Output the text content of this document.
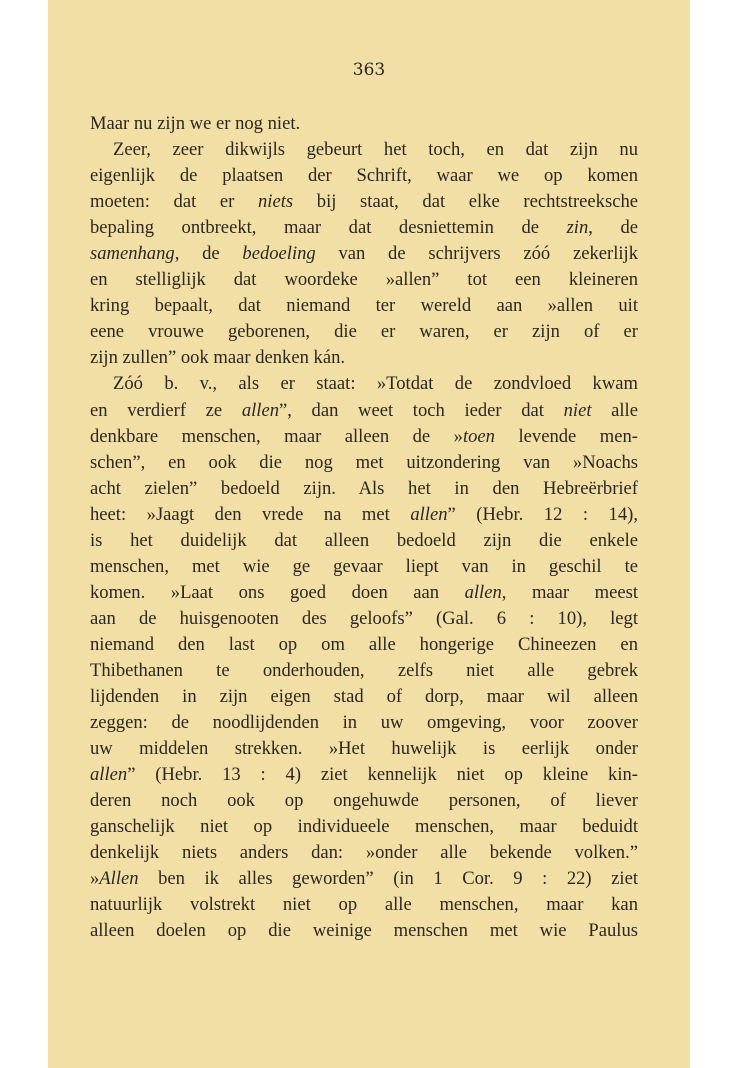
363
Maar nu zijn we er nog niet.
Zeer, zeer dikwijls gebeurt het toch, en dat zijn nu
eigenlijk de plaatsen der Schrift, waar we op komen
moeten: dat er niets bij staat, dat elke rechtstreeksche
bepaling ontbreekt, maar dat desniettemin de zin, de
samenhang, de bedoeling van de schrijvers zóó zekerlijk
en stelliglijk dat woordeke »allen” tot een kleineren
kring bepaalt, dat niemand ter wereld aan »allen uit
eene vrouwe geborenen, die er waren, er zijn of er
zijn zullen” ook maar denken kán.
Zóó b. v., als er staat: »Totdat de zondvloed kwam
en verdierf ze allen”, dan weet toch ieder dat niet alle
denkbare menschen, maar alleen de »toen levende men-
schen”, en ook die nog met uitzondering van »Noachs
acht zielen” bedoeld zijn. Als het in den Hebreërbrief
heet: »Jaagt den vrede na met allen” (Hebr. 12 : 14),
is het duidelijk dat alleen bedoeld zijn die enkele
menschen, met wie ge gevaar liept van in geschil te
komen. »Laat ons goed doen aan allen, maar meest
aan de huisgenooten des geloofs” (Gal. 6 : 10), legt
niemand den last op om alle hongerige Chineezen en
Thibethanen te onderhouden, zelfs niet alle gebrek
lijdenden in zijn eigen stad of dorp, maar wil alleen
zeggen: de noodlijdenden in uw omgeving, voor zoover
uw middelen strekken. »Het huwelijk is eerlijk onder
allen” (Hebr. 13 : 4) ziet kennelijk niet op kleine kin-
deren noch ook op ongehuwde personen, of liever
ganschelijk niet op individueele menschen, maar beduidt
denkelijk niets anders dan: »onder alle bekende volken.”
»Allen ben ik alles geworden” (in 1 Cor. 9 : 22) ziet
natuurlijk volstrekt niet op alle menschen, maar kan
alleen doelen op die weinige menschen met wie Paulus
